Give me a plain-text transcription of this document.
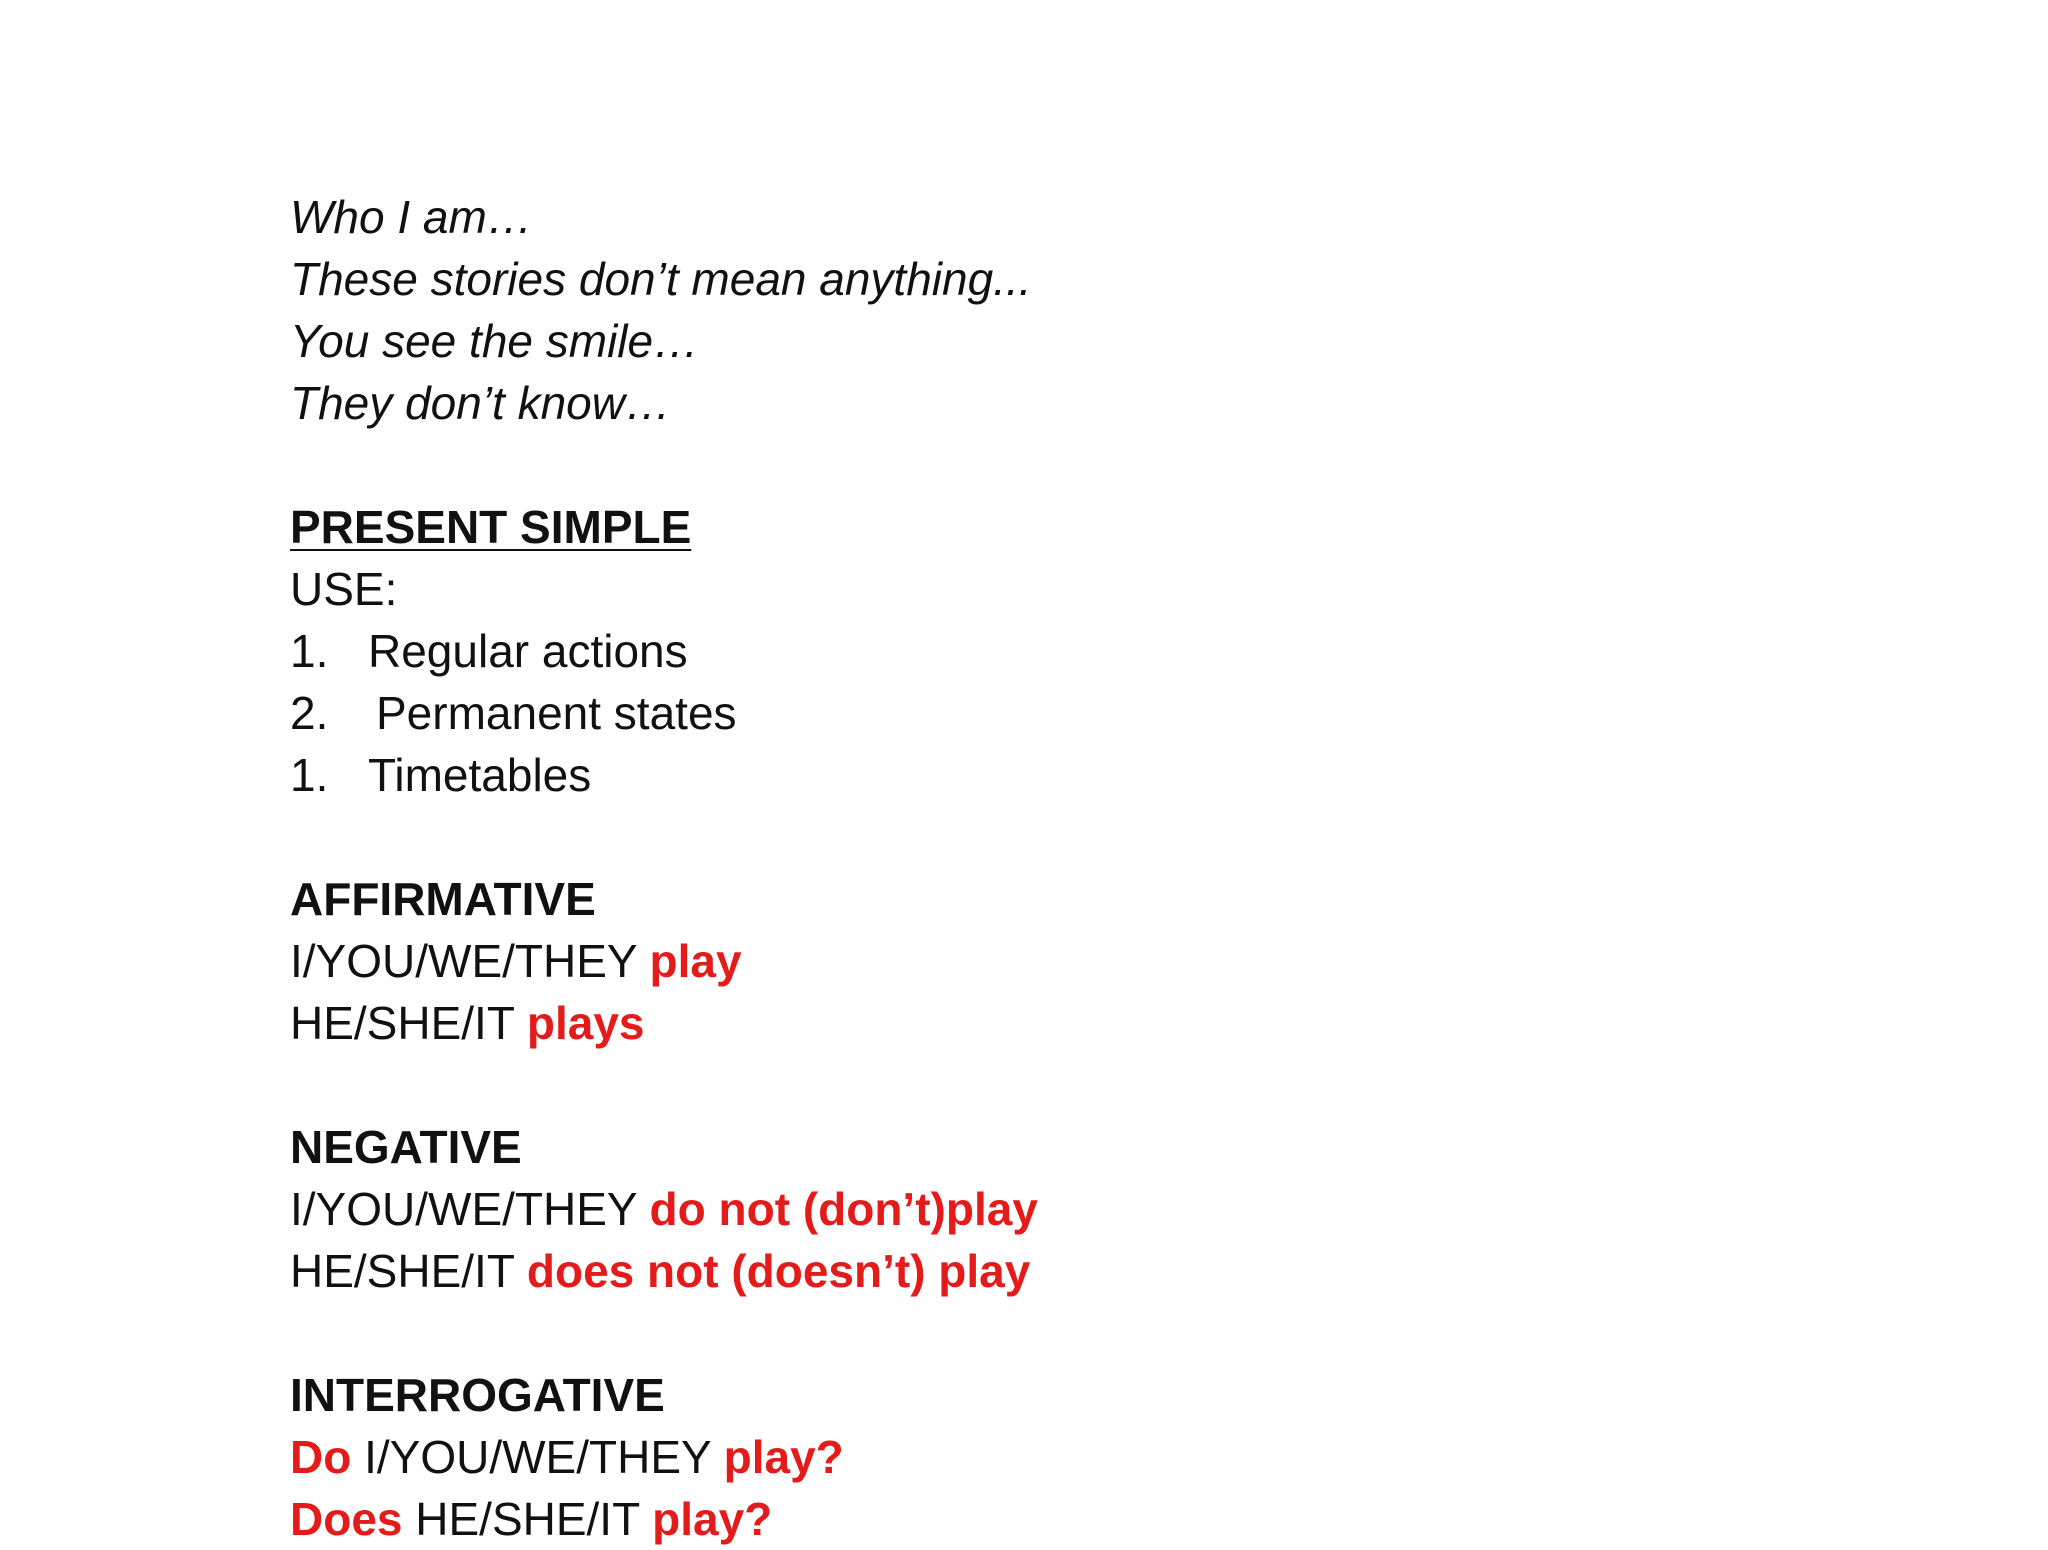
Who I am…
These stories don’t mean anything...
You see the smile…
They don’t know…
PRESENT SIMPLE
USE:
1. Regular actions
2. Permanent states
1. Timetables
AFFIRMATIVE
I/YOU/WE/THEY play
HE/SHE/IT plays
NEGATIVE
I/YOU/WE/THEY do not (don’t)play
HE/SHE/IT does not (doesn’t) play
INTERROGATIVE
Do I/YOU/WE/THEY play?
Does HE/SHE/IT play?
